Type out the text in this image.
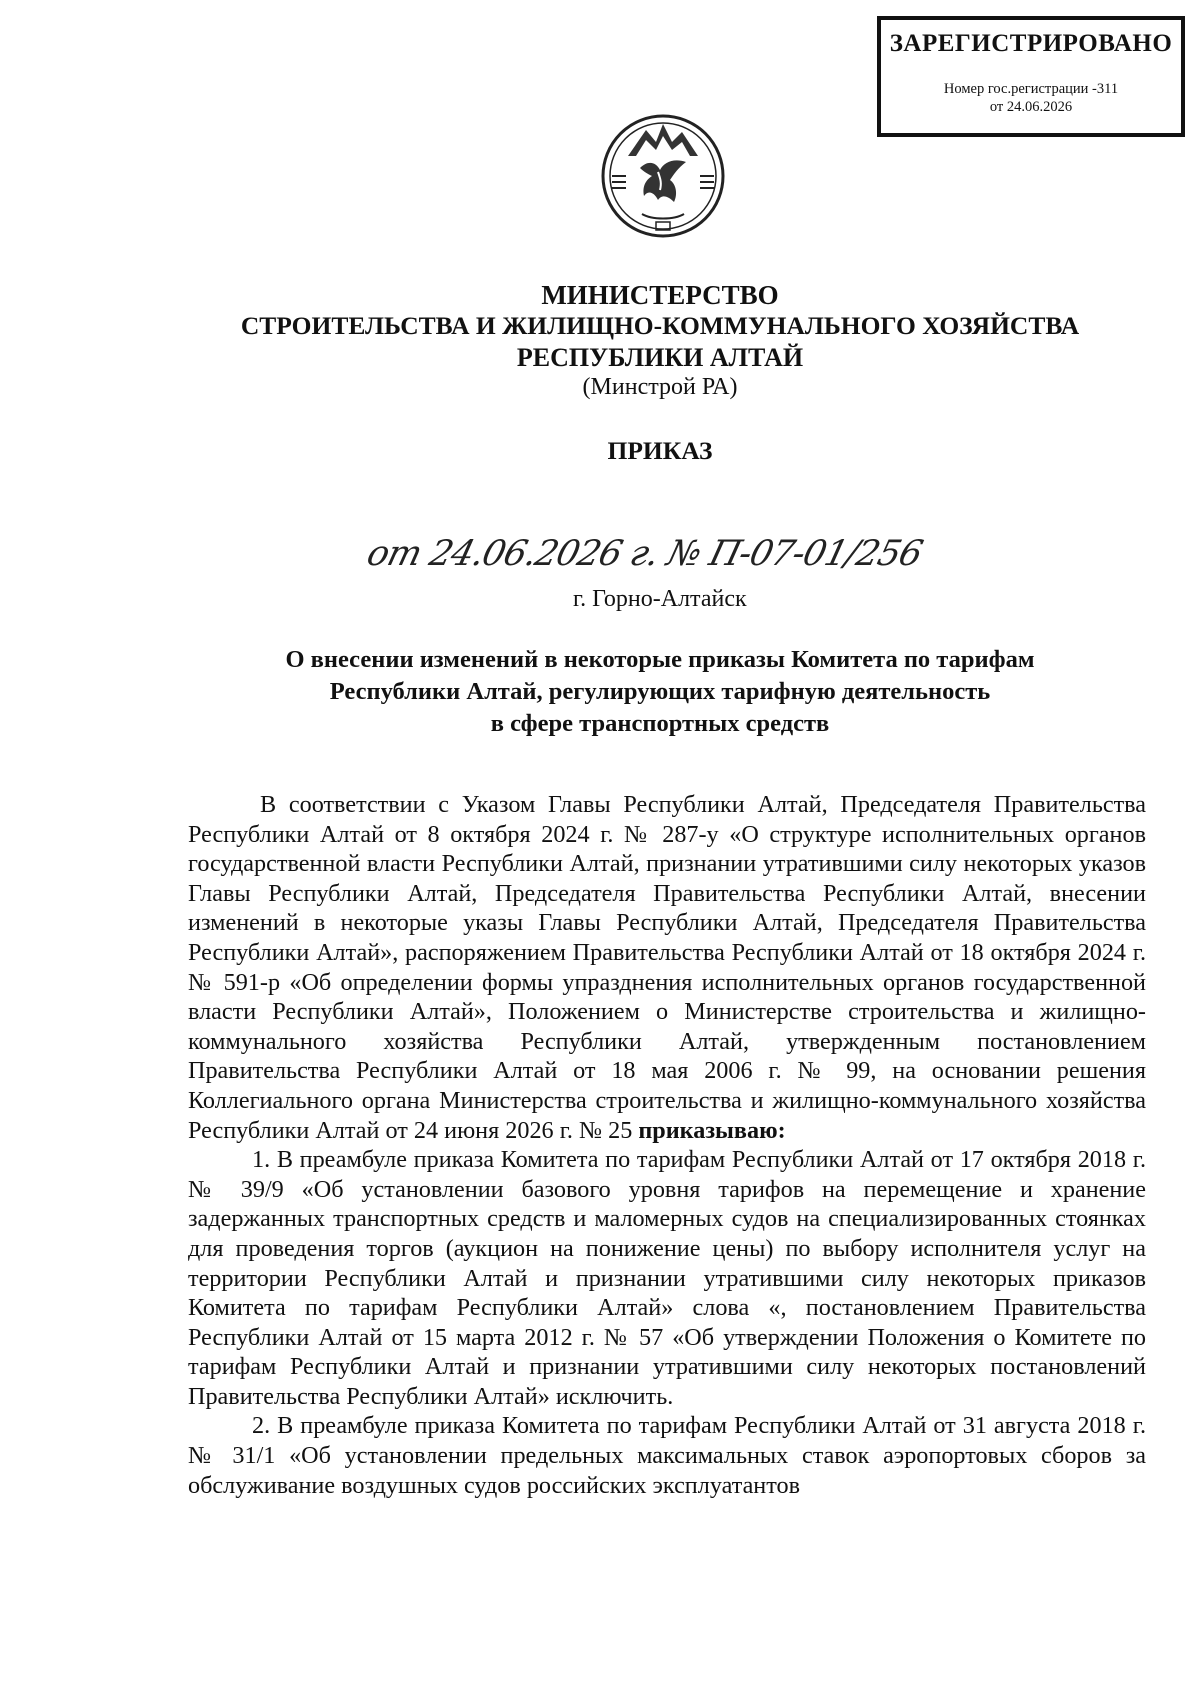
ЗАРЕГИСТРИРОВАНО
Номер гос.регистрации -311
от 24.06.2026
МИНИСТЕРСТВО
СТРОИТЕЛЬСТВА И ЖИЛИЩНО-КОММУНАЛЬНОГО ХОЗЯЙСТВА
РЕСПУБЛИКИ АЛТАЙ
(Минстрой РА)
ПРИКАЗ
от 24.06.2026 г. № П-07-01/256
г. Горно-Алтайск
О внесении изменений в некоторые приказы Комитета по тарифам
Республики Алтай, регулирующих тарифную деятельность
в сфере транспортных средств

В соответствии с Указом Главы Республики Алтай, Председателя Правительства Республики Алтай от 8 октября 2024 г. № 287-у «О структуре исполнительных органов государственной власти Республики Алтай, признании утратившими силу некоторых указов Главы Республики Алтай, Председателя Правительства Республики Алтай, внесении изменений в некоторые указы Главы Республики Алтай, Председателя Правительства Республики Алтай», распоряжением Правительства Республики Алтай от 18 октября 2024 г. № 591-р «Об определении формы упразднения исполнительных органов государственной власти Республики Алтай», Положением о Министерстве строительства и жилищно-коммунального хозяйства Республики Алтай, утвержденным постановлением Правительства Республики Алтай от 18 мая 2006 г. № 99, на основании решения Коллегиального органа Министерства строительства и жилищно-коммунального хозяйства Республики Алтай от 24 июня 2026 г. № 25 приказываю:

1. В преамбуле приказа Комитета по тарифам Республики Алтай от 17 октября 2018 г. № 39/9 «Об установлении базового уровня тарифов на перемещение и хранение задержанных транспортных средств и маломерных судов на специализированных стоянках для проведения торгов (аукцион на понижение цены) по выбору исполнителя услуг на территории Республики Алтай и признании утратившими силу некоторых приказов Комитета по тарифам Республики Алтай» слова «, постановлением Правительства Республики Алтай от 15 марта 2012 г. № 57 «Об утверждении Положения о Комитете по тарифам Республики Алтай и признании утратившими силу некоторых постановлений Правительства Республики Алтай» исключить.

2. В преамбуле приказа Комитета по тарифам Республики Алтай от 31 августа 2018 г. № 31/1 «Об установлении предельных максимальных ставок аэропортовых сборов за обслуживание воздушных судов российских эксплуатантов
